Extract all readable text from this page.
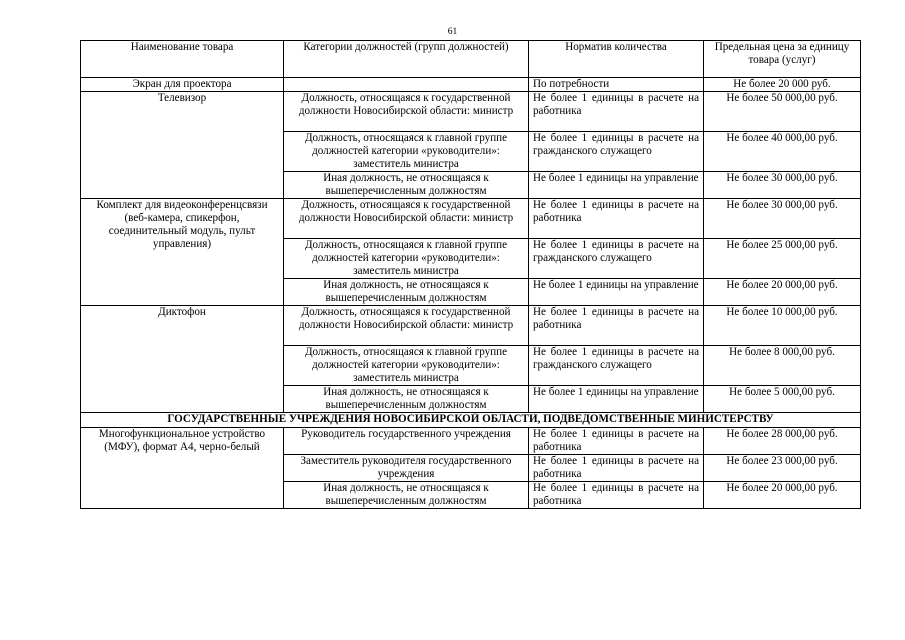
61
Наименование товара	Категории должностей (групп должностей)	Норматив количества	Предельная цена за единицу товара (услуг)
Экран для проектора		По потребности	Не более 20 000 руб.
Телевизор	Должность, относящаяся к государственной должности Новосибирской области: министр	Не более 1 единицы в расчете на работника	Не более 50 000,00 руб.
	Должность, относящаяся к главной группе должностей категории «руководители»: заместитель министра	Не более 1 единицы в расчете на гражданского служащего	Не более 40 000,00 руб.
	Иная должность, не относящаяся к вышеперечисленным должностям	Не более 1 единицы на управление	Не более 30 000,00 руб.
Комплект для видеоконференцсвязи (веб-камера, спикерфон, соединительный модуль, пульт управления)	Должность, относящаяся к государственной должности Новосибирской области: министр	Не более 1 единицы в расчете на работника	Не более 30 000,00 руб.
	Должность, относящаяся к главной группе должностей категории «руководители»: заместитель министра	Не более 1 единицы в расчете на гражданского служащего	Не более 25 000,00 руб.
	Иная должность, не относящаяся к вышеперечисленным должностям	Не более 1 единицы на управление	Не более 20 000,00 руб.
Диктофон	Должность, относящаяся к государственной должности Новосибирской области: министр	Не более 1 единицы в расчете на работника	Не более 10 000,00 руб.
	Должность, относящаяся к главной группе должностей категории «руководители»: заместитель министра	Не более 1 единицы в расчете на гражданского служащего	Не более 8 000,00 руб.
	Иная должность, не относящаяся к вышеперечисленным должностям	Не более 1 единицы на управление	Не более 5 000,00 руб.
ГОСУДАРСТВЕННЫЕ УЧРЕЖДЕНИЯ НОВОСИБИРСКОЙ ОБЛАСТИ, ПОДВЕДОМСТВЕННЫЕ МИНИСТЕРСТВУ			
Многофункциональное устройство (МФУ), формат А4, черно-белый	Руководитель государственного учреждения	Не более 1 единицы в расчете на работника	Не более 28 000,00 руб.
	Заместитель руководителя государственного учреждения	Не более 1 единицы в расчете на работника	Не более 23 000,00 руб.
	Иная должность, не относящаяся к вышеперечисленным должностям	Не более 1 единицы в расчете на работника	Не более 20 000,00 руб.
